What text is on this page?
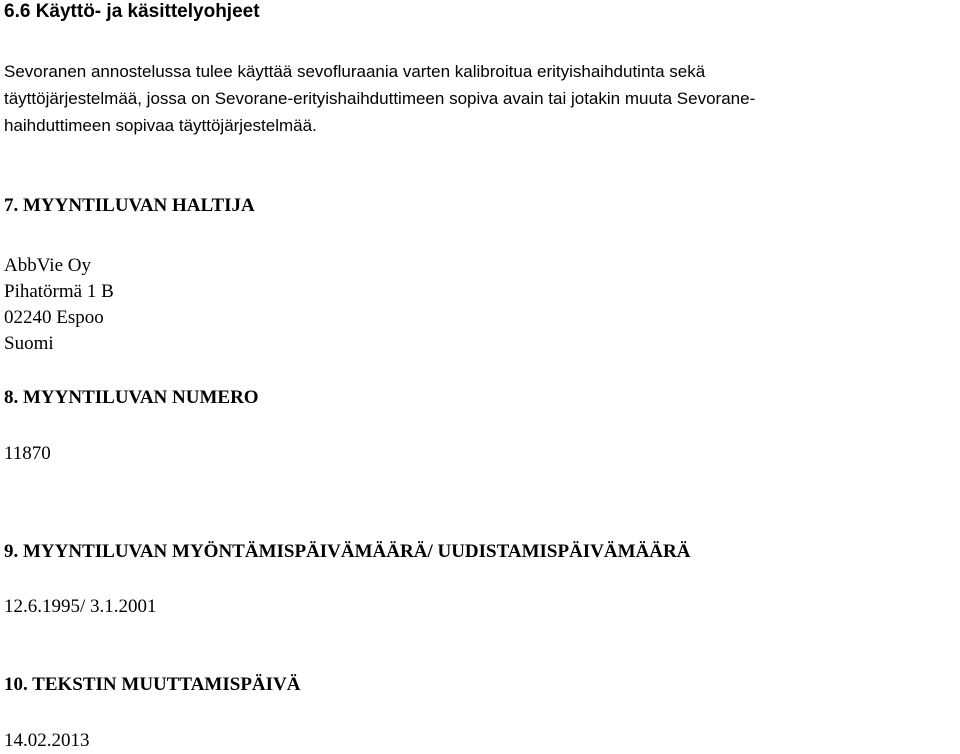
6.6 Käyttö- ja käsittelyohjeet
Sevoranen annostelussa tulee käyttää sevofluraania varten kalibroitua erityishaihdutinta sekä
täyttöjärjestelmää, jossa on Sevorane-erityishaihduttimeen sopiva avain tai jotakin muuta Sevorane-
haihduttimeen sopivaa täyttöjärjestelmää.
7. MYYNTILUVAN HALTIJA
AbbVie Oy
Pihatörmä 1 B
02240 Espoo
Suomi
8. MYYNTILUVAN NUMERO
11870
9. MYYNTILUVAN MYÖNTÄMISPÄIVÄMÄÄRÄ/ UUDISTAMISPÄIVÄMÄÄRÄ
12.6.1995/ 3.1.2001
10. TEKSTIN MUUTTAMISPÄIVÄ
14.02.2013
